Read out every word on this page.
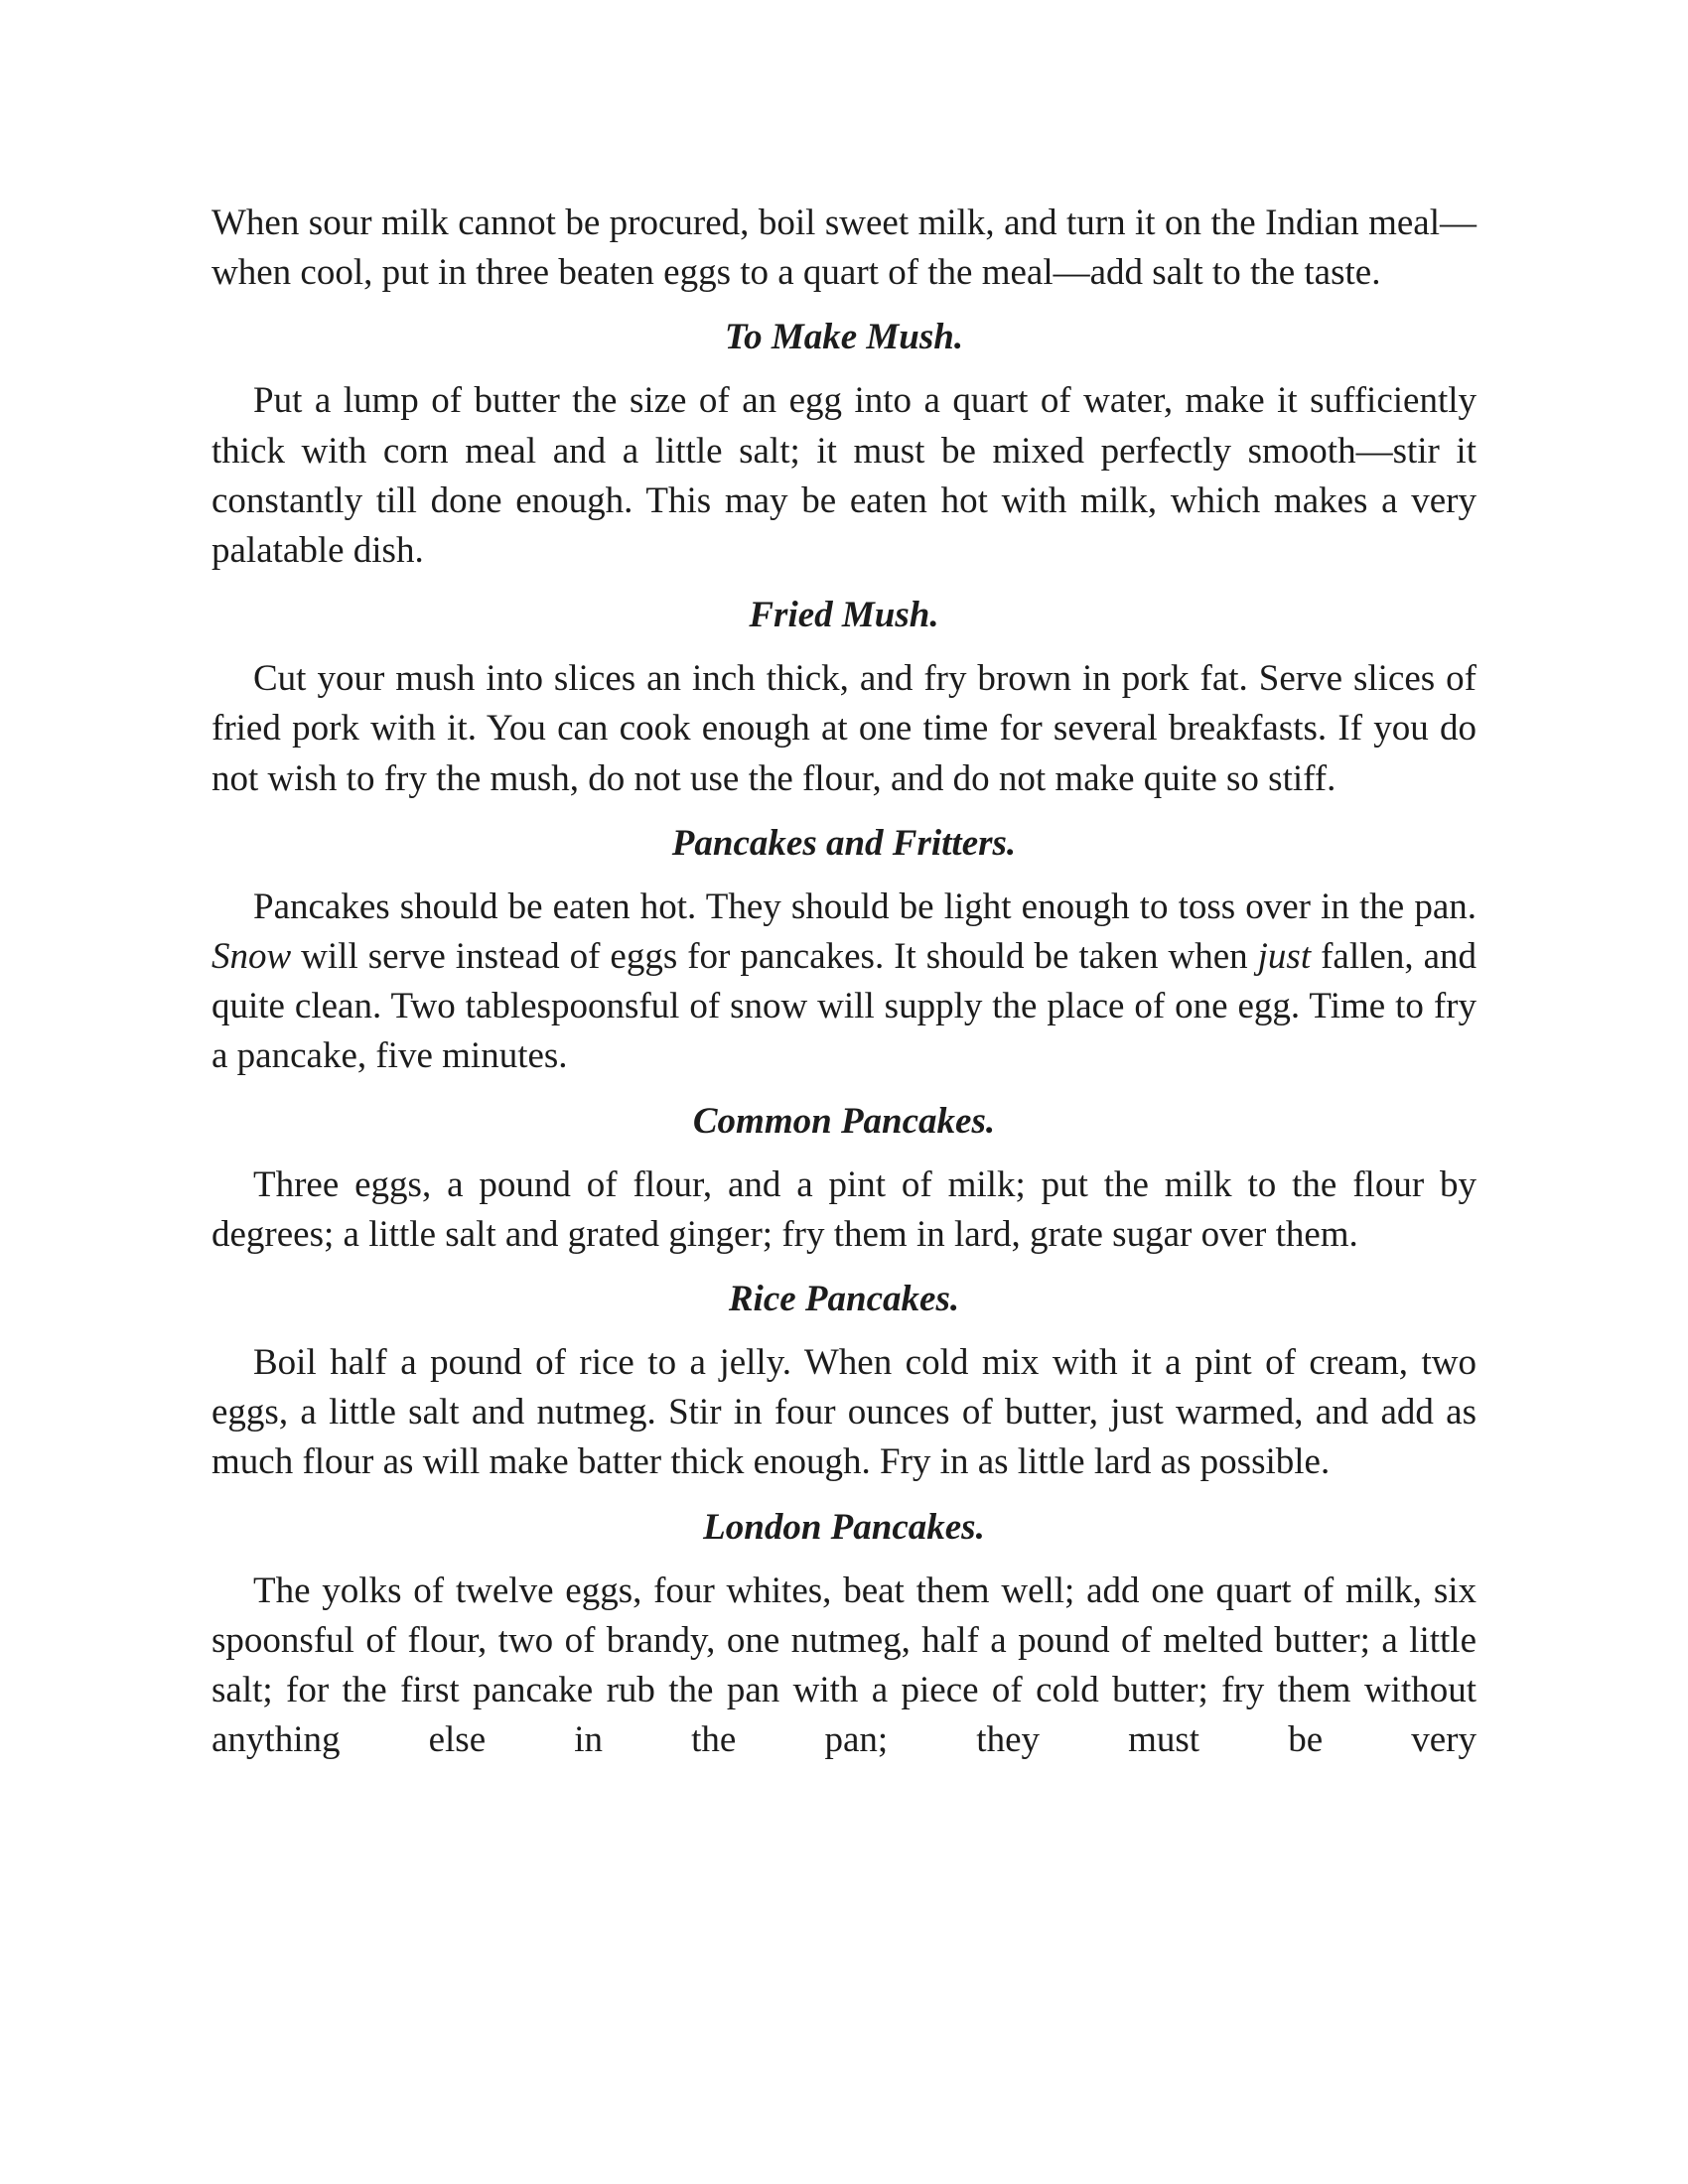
When sour milk cannot be procured, boil sweet milk, and turn it on the Indian meal—when cool, put in three beaten eggs to a quart of the meal—add salt to the taste.

To Make Mush.

Put a lump of butter the size of an egg into a quart of water, make it sufficiently thick with corn meal and a little salt; it must be mixed perfectly smooth—stir it constantly till done enough. This may be eaten hot with milk, which makes a very palatable dish.

Fried Mush.

Cut your mush into slices an inch thick, and fry brown in pork fat. Serve slices of fried pork with it. You can cook enough at one time for several breakfasts. If you do not wish to fry the mush, do not use the flour, and do not make quite so stiff.

Pancakes and Fritters.

Pancakes should be eaten hot. They should be light enough to toss over in the pan. Snow will serve instead of eggs for pancakes. It should be taken when just fallen, and quite clean. Two tablespoonsful of snow will supply the place of one egg. Time to fry a pancake, five minutes.

Common Pancakes.

Three eggs, a pound of flour, and a pint of milk; put the milk to the flour by degrees; a little salt and grated ginger; fry them in lard, grate sugar over them.

Rice Pancakes.

Boil half a pound of rice to a jelly. When cold mix with it a pint of cream, two eggs, a little salt and nutmeg. Stir in four ounces of butter, just warmed, and add as much flour as will make batter thick enough. Fry in as little lard as possible.

London Pancakes.

The yolks of twelve eggs, four whites, beat them well; add one quart of milk, six spoonsful of flour, two of brandy, one nutmeg, half a pound of melted butter; a little salt; for the first pancake rub the pan with a piece of cold butter; fry them without anything else in the pan; they must be very
